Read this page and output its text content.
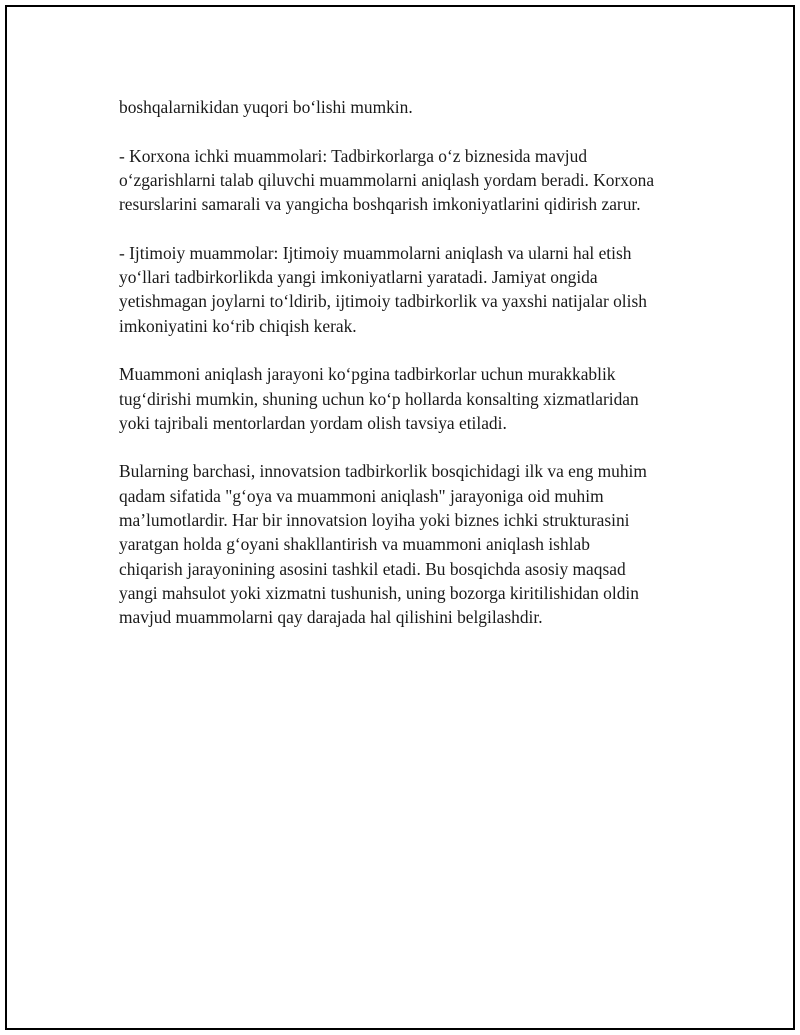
boshqalarnikidan yuqori bo‘lishi mumkin.

- Korxona ichki muammolari: Tadbirkorlarga o‘z biznesida mavjud
o‘zgarishlarni talab qiluvchi muammolarni aniqlash yordam beradi. Korxona
resurslarini samarali va yangicha boshqarish imkoniyatlarini qidirish zarur.

- Ijtimoiy muammolar: Ijtimoiy muammolarni aniqlash va ularni hal etish
yo‘llari tadbirkorlikda yangi imkoniyatlarni yaratadi. Jamiyat ongida
yetishmagan joylarni to‘ldirib, ijtimoiy tadbirkorlik va yaxshi natijalar olish
imkoniyatini ko‘rib chiqish kerak.

Muammoni aniqlash jarayoni ko‘pgina tadbirkorlar uchun murakkablik
tug‘dirishi mumkin, shuning uchun ko‘p hollarda konsalting xizmatlaridan
yoki tajribali mentorlardan yordam olish tavsiya etiladi.

Bularning barchasi, innovatsion tadbirkorlik bosqichidagi ilk va eng muhim
qadam sifatida "g‘oya va muammoni aniqlash" jarayoniga oid muhim
ma’lumotlardir. Har bir innovatsion loyiha yoki biznes ichki strukturasini
yaratgan holda g‘oyani shakllantirish va muammoni aniqlash ishlab
chiqarish jarayonining asosini tashkil etadi. Bu bosqichda asosiy maqsad
yangi mahsulot yoki xizmatni tushunish, uning bozorga kiritilishidan oldin
mavjud muammolarni qay darajada hal qilishini belgilashdir.
